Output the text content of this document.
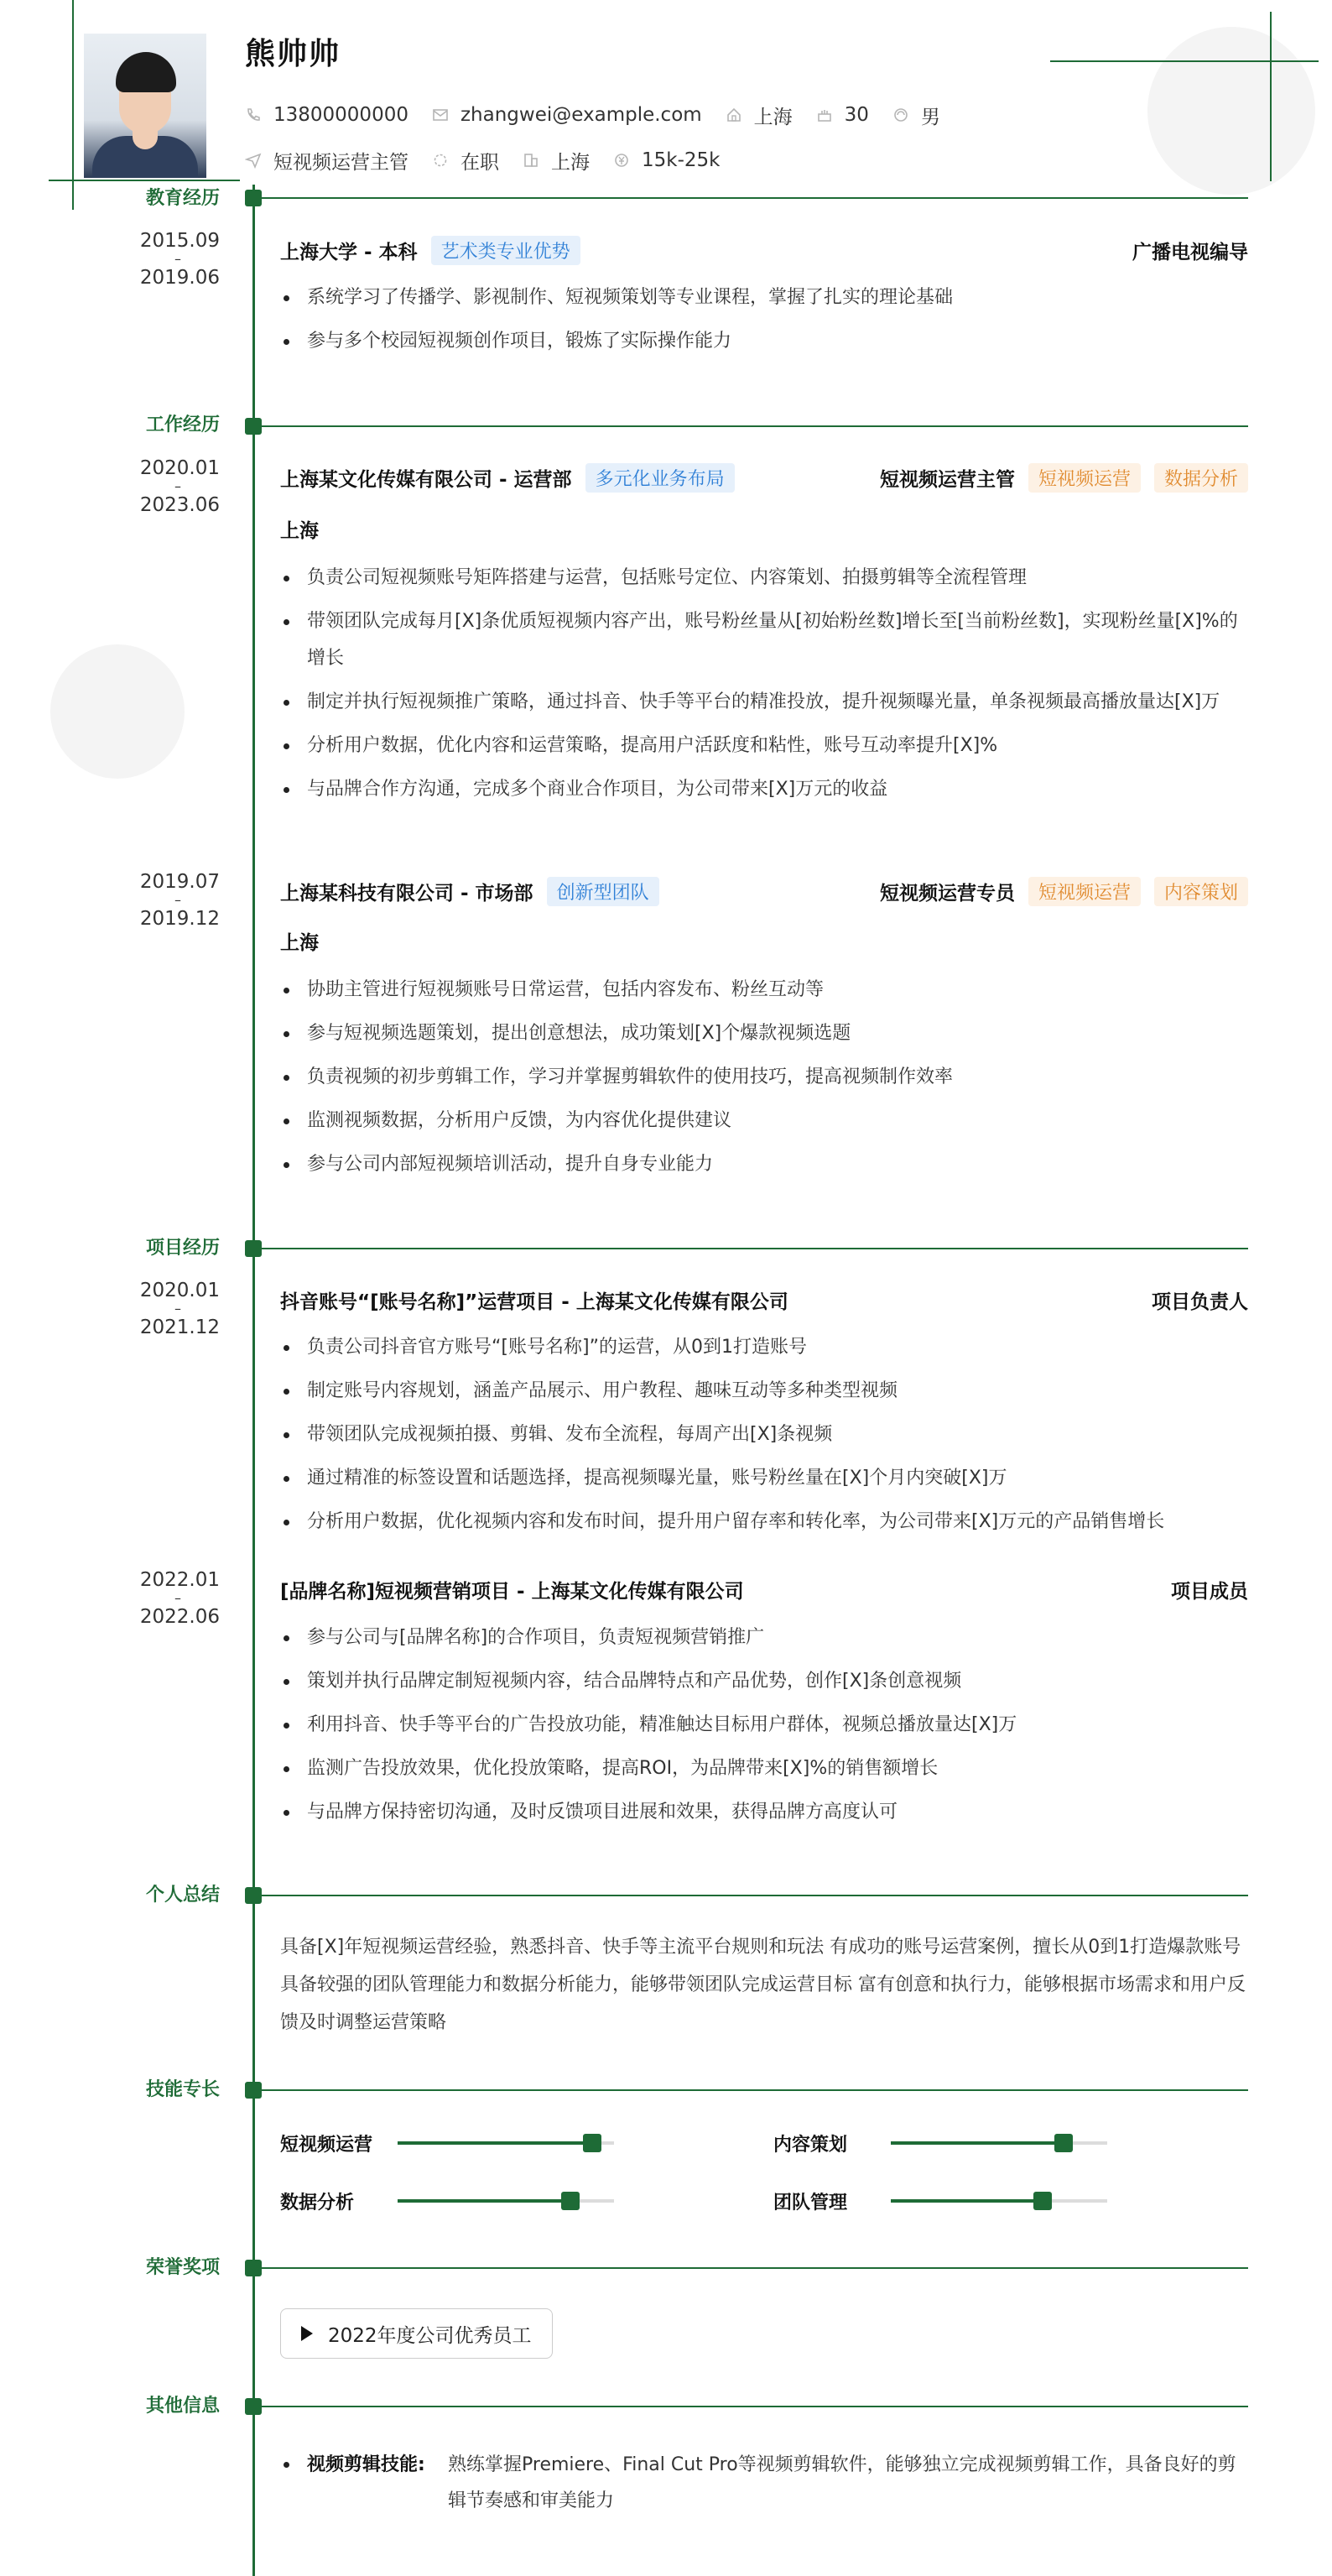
熊帅帅
13800000000	zhangwei@example.com	上海	30	男
短视频运营主管	在职	上海	15k-25k
教育经历
2015.09
–
2019.06
上海大学 - 本科	艺术类专业优势	广播电视编导
系统学习了传播学、影视制作、短视频策划等专业课程，掌握了扎实的理论基础
参与多个校园短视频创作项目，锻炼了实际操作能力
工作经历
2020.01
–
2023.06
上海某文化传媒有限公司 - 运营部	多元化业务布局	短视频运营主管	短视频运营	数据分析
上海
负责公司短视频账号矩阵搭建与运营，包括账号定位、内容策划、拍摄剪辑等全流程管理
带领团队完成每月[X]条优质短视频内容产出，账号粉丝量从[初始粉丝数]增长至[当前粉丝数]，实现粉丝量[X]%的增长
制定并执行短视频推广策略，通过抖音、快手等平台的精准投放，提升视频曝光量，单条视频最高播放量达[X]万
分析用户数据，优化内容和运营策略，提高用户活跃度和粘性，账号互动率提升[X]%
与品牌合作方沟通，完成多个商业合作项目，为公司带来[X]万元的收益
2019.07
–
2019.12
上海某科技有限公司 - 市场部	创新型团队	短视频运营专员	短视频运营	内容策划
上海
协助主管进行短视频账号日常运营，包括内容发布、粉丝互动等
参与短视频选题策划，提出创意想法，成功策划[X]个爆款视频选题
负责视频的初步剪辑工作，学习并掌握剪辑软件的使用技巧，提高视频制作效率
监测视频数据，分析用户反馈，为内容优化提供建议
参与公司内部短视频培训活动，提升自身专业能力
项目经历
2020.01
–
2021.12
抖音账号“[账号名称]”运营项目 - 上海某文化传媒有限公司	项目负责人
负责公司抖音官方账号“[账号名称]”的运营，从0到1打造账号
制定账号内容规划，涵盖产品展示、用户教程、趣味互动等多种类型视频
带领团队完成视频拍摄、剪辑、发布全流程，每周产出[X]条视频
通过精准的标签设置和话题选择，提高视频曝光量，账号粉丝量在[X]个月内突破[X]万
分析用户数据，优化视频内容和发布时间，提升用户留存率和转化率，为公司带来[X]万元的产品销售增长
2022.01
–
2022.06
[品牌名称]短视频营销项目 - 上海某文化传媒有限公司	项目成员
参与公司与[品牌名称]的合作项目，负责短视频营销推广
策划并执行品牌定制短视频内容，结合品牌特点和产品优势，创作[X]条创意视频
利用抖音、快手等平台的广告投放功能，精准触达目标用户群体，视频总播放量达[X]万
监测广告投放效果，优化投放策略，提高ROI，为品牌带来[X]%的销售额增长
与品牌方保持密切沟通，及时反馈项目进展和效果，获得品牌方高度认可
个人总结
具备[X]年短视频运营经验，熟悉抖音、快手等主流平台规则和玩法 有成功的账号运营案例，擅长从0到1打造爆款账号 具备较强的团队管理能力和数据分析能力，能够带领团队完成运营目标 富有创意和执行力，能够根据市场需求和用户反馈及时调整运营策略
技能专长
短视频运营	内容策划
数据分析	团队管理
荣誉奖项
2022年度公司优秀员工
其他信息
视频剪辑技能:	熟练掌握Premiere、Final Cut Pro等视频剪辑软件，能够独立完成视频剪辑工作，具备良好的剪辑节奏感和审美能力
